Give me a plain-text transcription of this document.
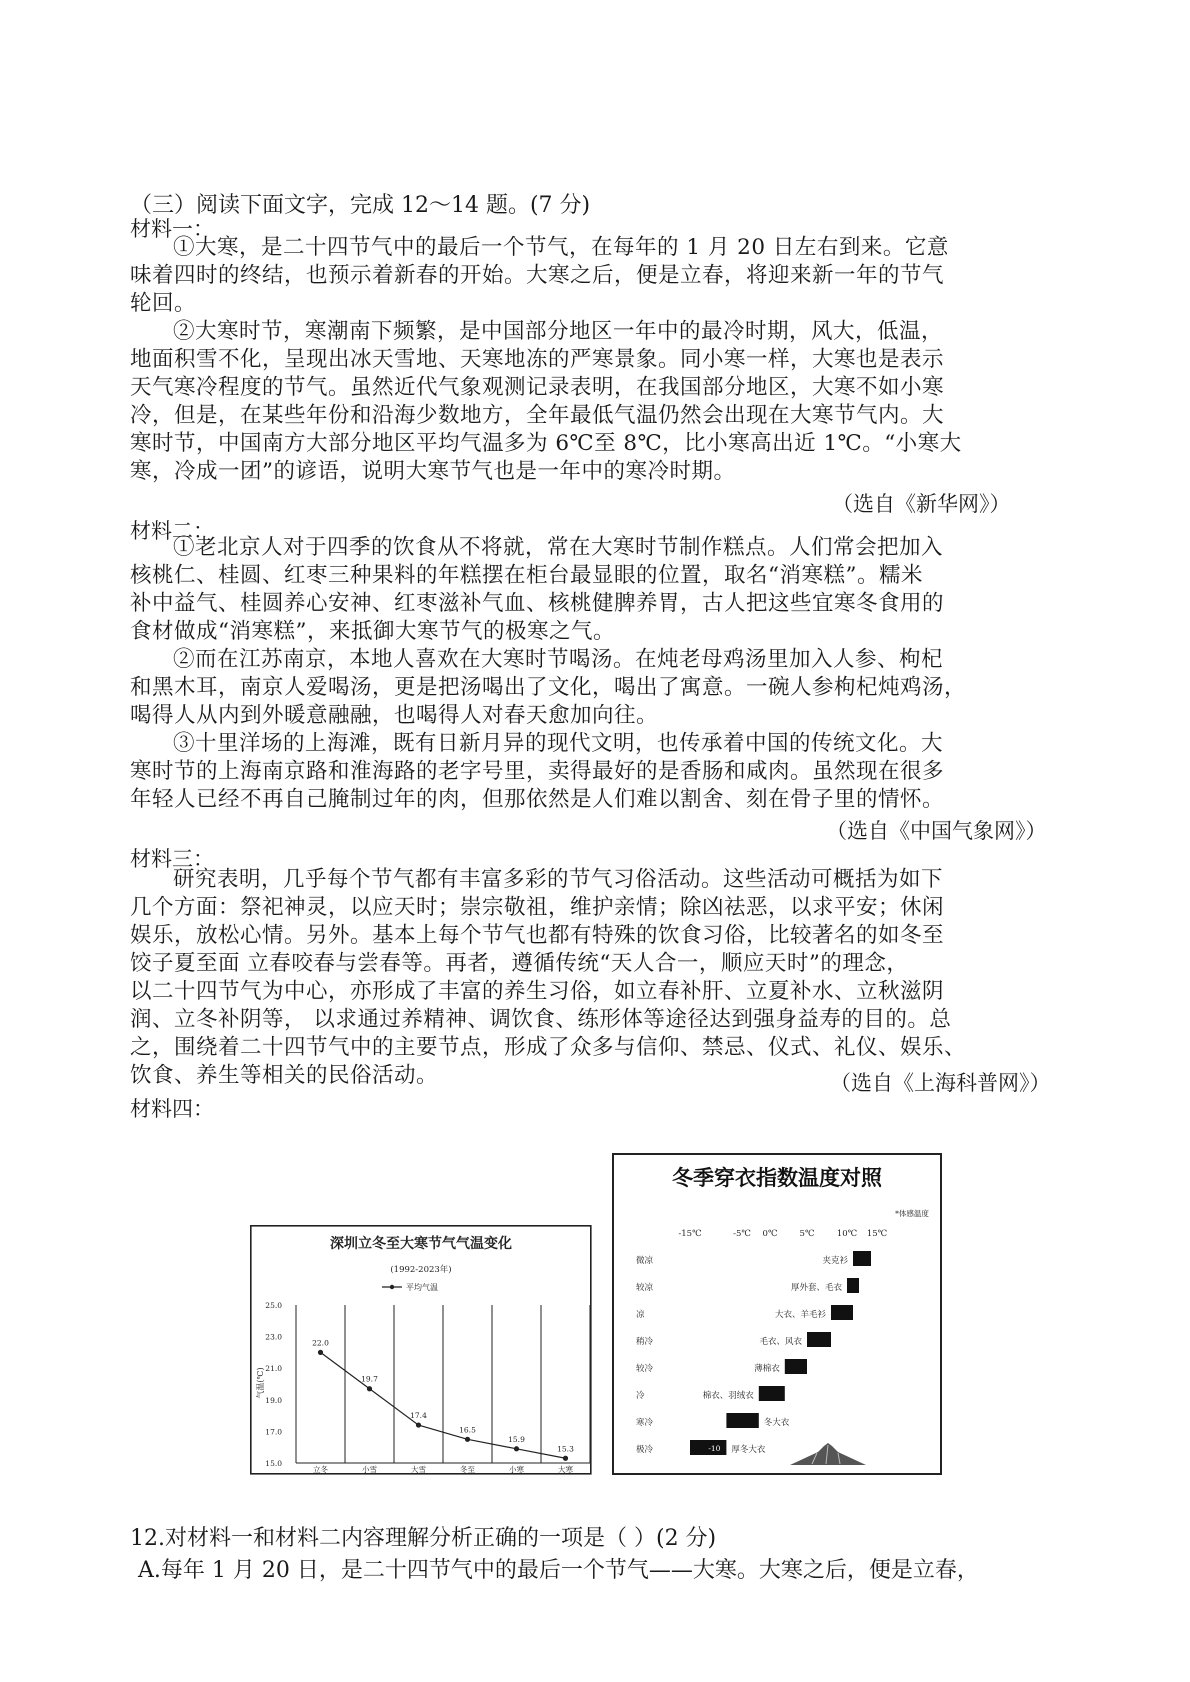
（三）阅读下面文字，完成 12～14 题。(7 分)
材料一：
①大寒，是二十四节气中的最后一个节气，在每年的 1 月 20 日左右到来。它意
味着四时的终结，也预示着新春的开始。大寒之后，便是立春，将迎来新一年的节气
轮回。
②大寒时节，寒潮南下频繁，是中国部分地区一年中的最冷时期，风大，低温，
地面积雪不化，呈现出冰天雪地、天寒地冻的严寒景象。同小寒一样，大寒也是表示
天气寒冷程度的节气。虽然近代气象观测记录表明，在我国部分地区，大寒不如小寒
冷，但是，在某些年份和沿海少数地方，全年最低气温仍然会出现在大寒节气内。大
寒时节，中国南方大部分地区平均气温多为 6℃至 8℃，比小寒高出近 1℃。“小寒大
寒，冷成一团”的谚语，说明大寒节气也是一年中的寒冷时期。
（选自《新华网》）
材料二：
①老北京人对于四季的饮食从不将就，常在大寒时节制作糕点。人们常会把加入
核桃仁、桂圆、红枣三种果料的年糕摆在柜台最显眼的位置，取名“消寒糕”。糯米
补中益气、桂圆养心安神、红枣滋补气血、核桃健脾养胃，古人把这些宜寒冬食用的
食材做成“消寒糕”，来抵御大寒节气的极寒之气。
②而在江苏南京，本地人喜欢在大寒时节喝汤。在炖老母鸡汤里加入人参、枸杞
和黑木耳，南京人爱喝汤，更是把汤喝出了文化，喝出了寓意。一碗人参枸杞炖鸡汤，
喝得人从内到外暖意融融，也喝得人对春天愈加向往。
③十里洋场的上海滩，既有日新月异的现代文明，也传承着中国的传统文化。大
寒时节的上海南京路和淮海路的老字号里，卖得最好的是香肠和咸肉。虽然现在很多
年轻人已经不再自己腌制过年的肉，但那依然是人们难以割舍、刻在骨子里的情怀。
（选自《中国气象网》）
材料三：
研究表明，几乎每个节气都有丰富多彩的节气习俗活动。这些活动可概括为如下
几个方面：祭祀神灵，以应天时；崇宗敬祖，维护亲情；除凶祛恶，以求平安；休闲
娱乐，放松心情。另外。基本上每个节气也都有特殊的饮食习俗，比较著名的如冬至
饺子夏至面 立春咬春与尝春等。再者，遵循传统“天人合一，顺应天时”的理念，
以二十四节气为中心，亦形成了丰富的养生习俗，如立春补肝、立夏补水、立秋滋阴
润、立冬补阴等， 以求通过养精神、调饮食、练形体等途径达到强身益寿的目的。总
之，围绕着二十四节气中的主要节点，形成了众多与信仰、禁忌、仪式、礼仪、娱乐、
饮食、养生等相关的民俗活动。	（选自《上海科普网》）
材料四：
深圳立冬至大寒节气气温变化
(1992-2023年)
平均气温
气温(℃)
25.0
23.0
21.0
19.0
17.0
15.0
立冬	小雪	大雪	冬至	小寒	大寒
22.0
19.7
17.4
16.5
15.9
15.3
冬季穿衣指数温度对照
*体感温度
-15℃	-5℃ 0℃	5℃	10℃ 15℃
微凉	夹克衫
较凉	厚外套、毛衣
凉	大衣、羊毛衫
稍冷	毛衣、风衣
较冷	薄棉衣
冷	棉衣、羽绒衣
寒冷	冬大衣
极冷	-10 厚冬大衣
12.对材料一和材料二内容理解分析正确的一项是（ ）(2 分)
A.每年 1 月 20 日，是二十四节气中的最后一个节气——大寒。大寒之后，便是立春，
